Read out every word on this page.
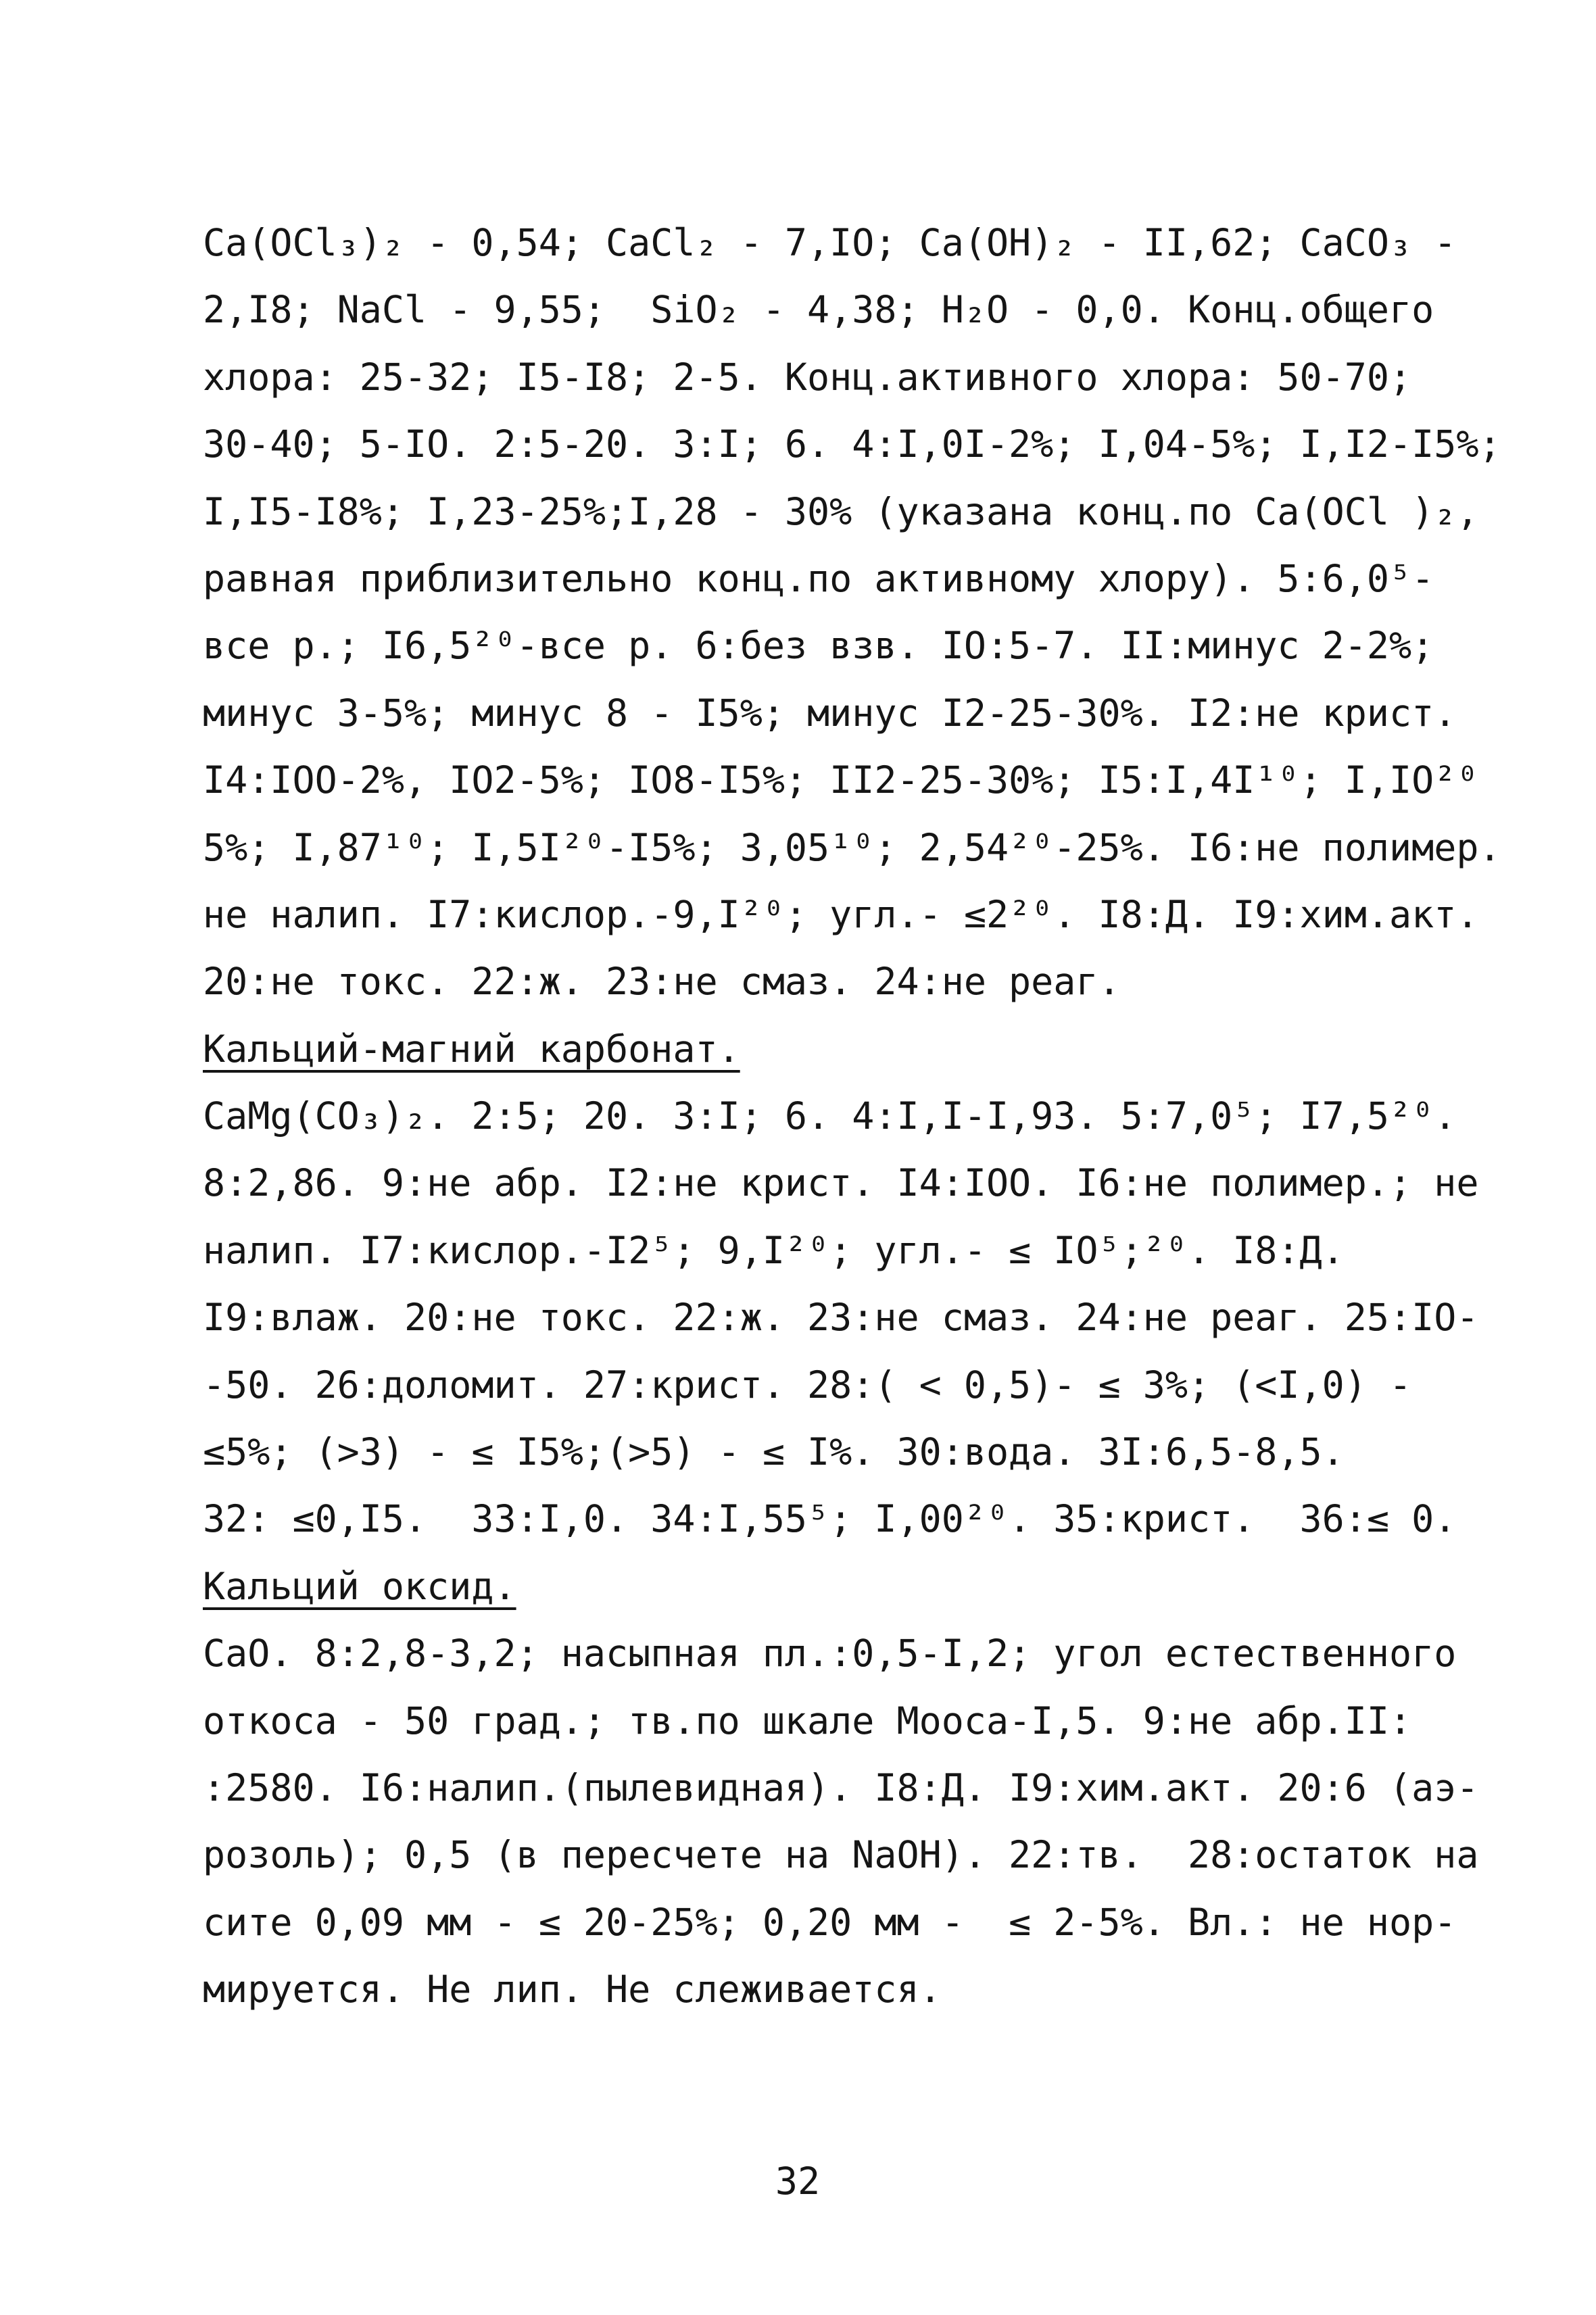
Ca(OCl₃)₂ - 0,54; CaCl₂ - 7,IO; Ca(OH)₂ - II,62; CaCO₃ -
2,I8; NaCl - 9,55;  SiO₂ - 4,38; H₂O - 0,0. Конц.общего
хлора: 25-32; I5-I8; 2-5. Конц.активного хлора: 50-70;
30-40; 5-IO. 2:5-20. 3:I; 6. 4:I,0I-2%; I,04-5%; I,I2-I5%;
I,I5-I8%; I,23-25%;I,28 - 30% (указана конц.по Ca(OCl )₂,
равная приблизительно конц.по активному хлору). 5:6,0⁵-
все р.; I6,5²⁰-все р. 6:без взв. IO:5-7. II:минус 2-2%;
минус 3-5%; минус 8 - I5%; минус I2-25-30%. I2:не крист.
I4:IOO-2%, IO2-5%; IO8-I5%; II2-25-30%; I5:I,4I¹⁰; I,IO²⁰
5%; I,87¹⁰; I,5I²⁰-I5%; 3,05¹⁰; 2,54²⁰-25%. I6:не полимер.
не налип. I7:кислор.-9,I²⁰; угл.- ≤2²⁰. I8:Д. I9:хим.акт.
20:не токс. 22:ж. 23:не смаз. 24:не реаг.
Кальций-магний карбонат.
CaMg(CO₃)₂. 2:5; 20. 3:I; 6. 4:I,I-I,93. 5:7,0⁵; I7,5²⁰.
8:2,86. 9:не абр. I2:не крист. I4:IOO. I6:не полимер.; не
налип. I7:кислор.-I2⁵; 9,I²⁰; угл.- ≤ IO⁵;²⁰. I8:Д.
I9:влаж. 20:не токс. 22:ж. 23:не смаз. 24:не реаг. 25:IO-
-50. 26:доломит. 27:крист. 28:( < 0,5)- ≤ 3%; (<I,0) -
≤5%; (>3) - ≤ I5%;(>5) - ≤ I%. 30:вода. 3I:6,5-8,5.
32: ≤0,I5.  33:I,0. 34:I,55⁵; I,00²⁰. 35:крист.  36:≤ 0.
Кальций оксид.
CaO. 8:2,8-3,2; насыпная пл.:0,5-I,2; угол естественного
откоса - 50 град.; тв.по шкале Мооса-I,5. 9:не абр.II:
:2580. I6:налип.(пылевидная). I8:Д. I9:хим.акт. 20:6 (аэ-
розоль); 0,5 (в пересчете на NaOH). 22:тв.  28:остаток на
сите 0,09 мм - ≤ 20-25%; 0,20 мм -  ≤ 2-5%. Вл.: не нор-
мируется. Не лип. Не слеживается.
32
